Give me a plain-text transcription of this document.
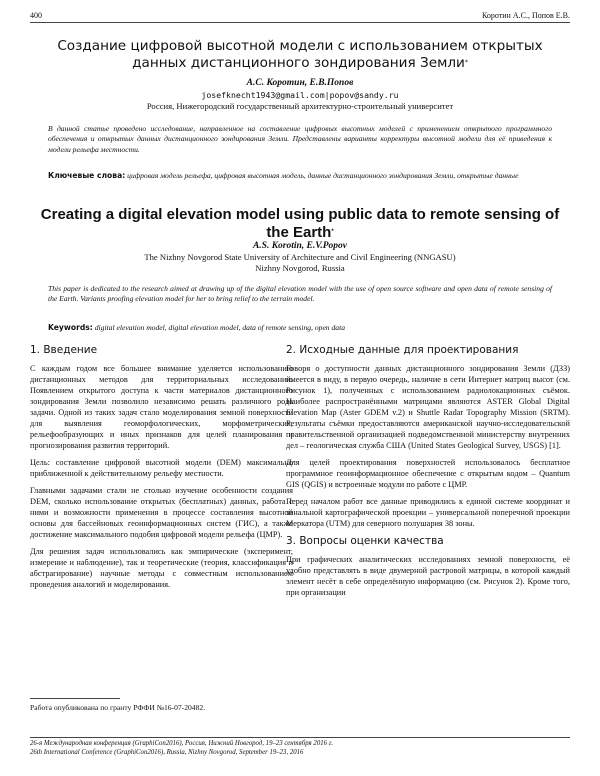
400	Коротин А.С., Попов Е.В.
Создание цифровой высотной модели с использованием открытых данных дистанционного зондирования Земли*
А.С. Коротин, Е.В.Попов
josefknecht1943@gmail.com|popov@sandy.ru
Россия, Нижегородский государственный архитектурно-строительный университет
В данной статье проведено исследование, направленное на составление цифровых высотных моделей с применением открытого программного обеспечения и открытых данных дистанционного зондирования Земли. Представлены варианты корректуры высотной модели для её приведения к модели рельефа местности.
Ключевые слова: цифровая модель рельефа, цифровая высотная модель, данные дистанционного зондирования Земли, открытые данные
Creating a digital elevation model using public data to remote sensing of the Earth*
A.S. Korotin, E.V.Popov
The Nizhny Novgorod State University of Architecture and Civil Engineering (NNGASU)
Nizhny Novgorod, Russia
This paper is dedicated to the research aimed at drawing up of the digital elevation model with the use of open source software and open data of remote sensing of the Earth. Variants proofing elevation model for her to bring relief to the terrain model.
Keywords: digital elevation model, digital elevation model, data of remote sensing, open data
1. Введение

С каждым годом все большее внимание уделяется использованию дистанционных методов для территориальных исследований. Появлением открытого доступа к части материалов дистанционного зондирования Земли позволило независимо решать различного рода задачи. Одной из таких задач стало моделирования земной поверхности для выявления геоморфологических, морфометрических, рельефообразующих и иных признаков для целей планирования и прогнозирования развития территорий.

Цель: составление цифровой высотной модели (DEM) максимально приближенной к действительному рельефу местности.

Главными задачами стали не столько изучение особенности создания DEM, сколько использование открытых (бесплатных) данных, работа с ними и возможности применения в процессе составления высотной основы для бассейновых геоинформационных систем (ГИС), а также достижение максимального подобия цифровой модели рельефа (ЦМР).

Для решения задач использовались как эмпирические (эксперимент, измерение и наблюдение), так и теоретические (теория, классификация и абстрагирование) научные методы с совместным использованием проведения аналогий и моделирования.

2. Исходные данные для проектирования

Говоря о доступности данных дистанционного зондирования Земли (ДЗЗ) имеется в виду, в первую очередь, наличие в сети Интернет матриц высот (см. Рисунок 1), полученных с использованием радиолокационных съёмок. Наиболее распространёнными матрицами являются ASTER Global Digital Elevation Map (Aster GDEM v.2) и Shuttle Radar Topography Mission (SRTM). Результаты съёмки предоставляются американской научно-исследовательской правительственной организацией подведомственной министерству внутренних дел – геологическая служба США (United States Geological Survey, USGS) [1].

Для целей проектирования поверхностей использовалось бесплатное программное геоинформационное обеспечение с открытым кодом – Quantum GIS (QGIS) и встроенные модули по работе с ЦМР.

Перед началом работ все данные приводились к единой системе координат и зональной картографической проекции – универсальной поперечной проекции Меркатора (UTM) для северного полушария 38 зоны.

3. Вопросы оценки качества

При графических аналитических исследованиях земной поверхности, её удобно представлять в виде двумерной растровой матрицы, в которой каждый элемент несёт в себе определённую информацию (см. Рисунок 2). Кроме того, при организации

Работа опубликована по гранту РФФИ №16-07-20482.
26-я Международная конференция (GraphiCon2016), Россия, Нижний Новгород, 19–23 сентября 2016 г.
26th International Conference (GraphiCon2016), Russia, Nizhny Novgorod, September 19–23, 2016
